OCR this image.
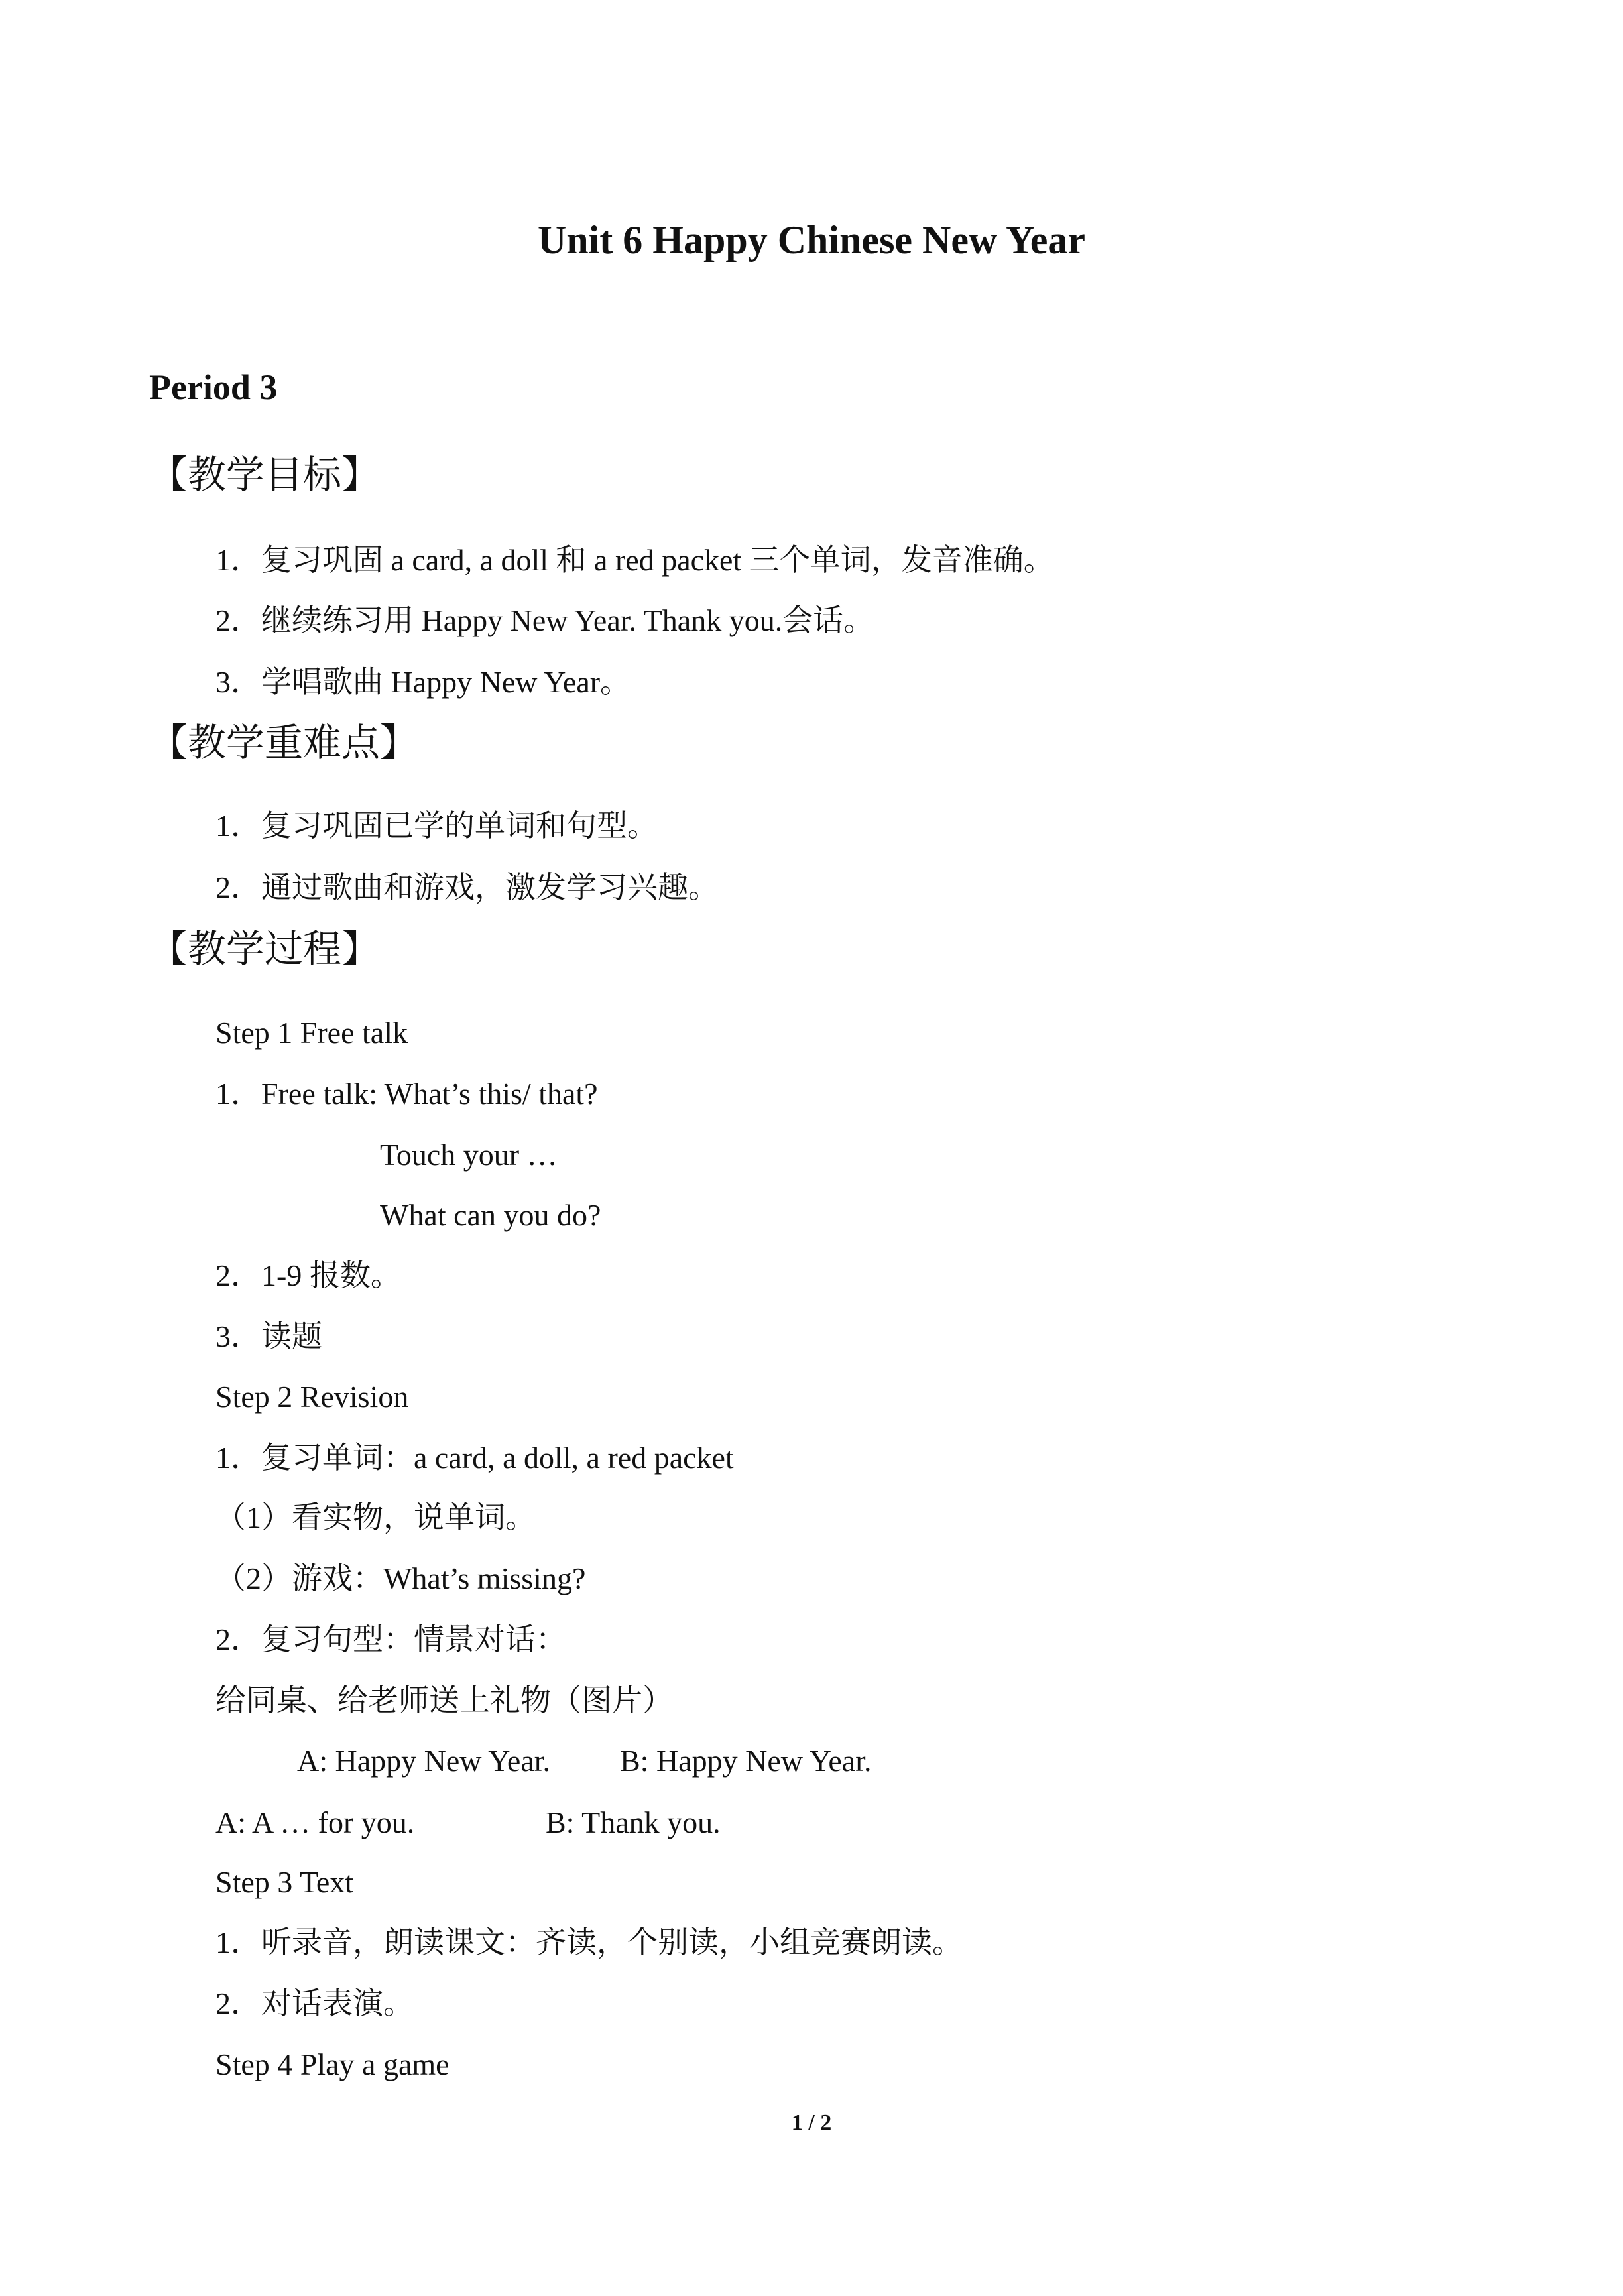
Unit 6 Happy Chinese New Year
Period 3
【教学目标】
1．复习巩固 a card, a doll 和 a red packet 三个单词，发音准确。
2．继续练习用 Happy New Year. Thank you.会话。
3．学唱歌曲 Happy New Year。
【教学重难点】
1．复习巩固已学的单词和句型。
2．通过歌曲和游戏，激发学习兴趣。
【教学过程】
Step 1 Free talk
1．Free talk: What’s this/ that?
Touch your …
What can you do?
2．1-9 报数。
3．读题
Step 2 Revision
1．复习单词：a card, a doll, a red packet
（1）看实物，说单词。
（2）游戏：What’s missing?
2．复习句型：情景对话：
给同桌、给老师送上礼物（图片）
A: Happy New Year. B: Happy New Year.
A: A … for you.	B: Thank you.
Step 3 Text
1．听录音，朗读课文：齐读，个别读，小组竞赛朗读。
2．对话表演。
Step 4 Play a game
1 / 2
